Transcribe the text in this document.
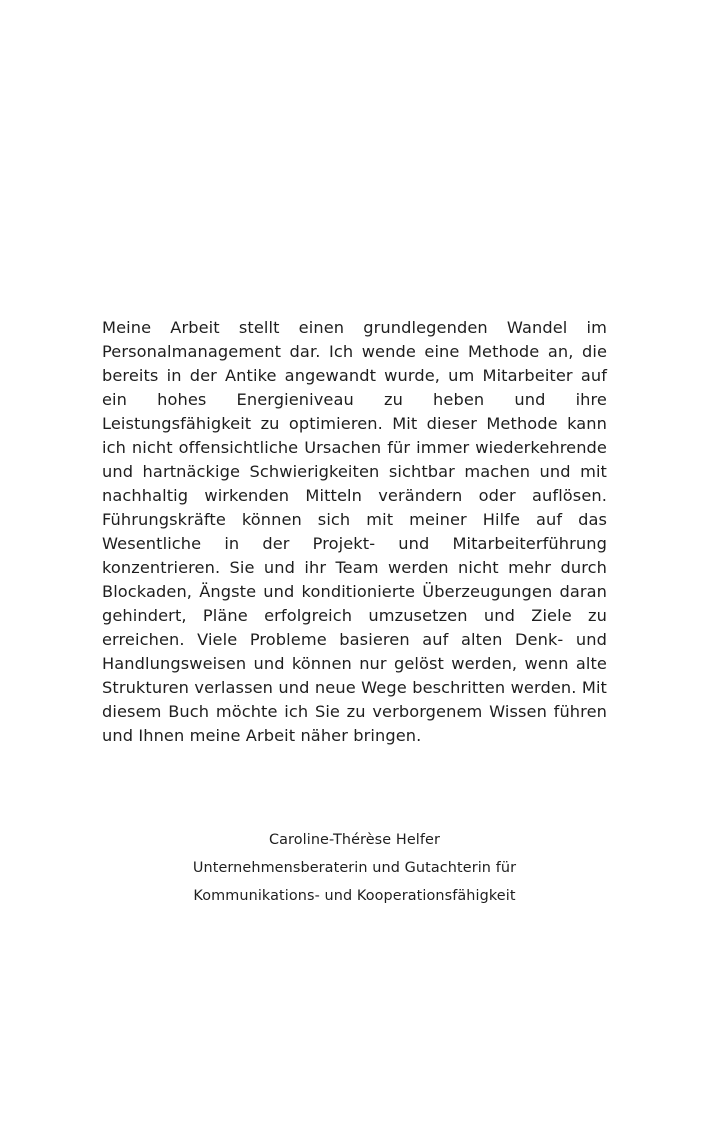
Meine Arbeit stellt einen grundlegenden Wandel im Personalmanagement dar. Ich wende eine Methode an, die bereits in der Antike angewandt wurde, um Mitarbeiter auf ein hohes Energieniveau zu heben und ihre Leistungsfähigkeit zu optimieren. Mit dieser Methode kann ich nicht offensichtliche Ursachen für immer wiederkehrende und hartnäckige Schwierigkeiten sichtbar machen und mit nachhaltig wirkenden Mitteln verändern oder auflösen. Führungskräfte können sich mit meiner Hilfe auf das Wesentliche in der Projekt- und Mitarbeiterführung konzentrieren. Sie und ihr Team werden nicht mehr durch Blockaden, Ängste und konditionierte Überzeugungen daran gehindert, Pläne erfolgreich umzusetzen und Ziele zu erreichen. Viele Probleme basieren auf alten Denk- und Handlungsweisen und können nur gelöst werden, wenn alte Strukturen verlassen und neue Wege beschritten werden. Mit diesem Buch möchte ich Sie zu verborgenem Wissen führen und Ihnen meine Arbeit näher bringen.

Caroline-Thérèse Helfer
Unternehmensberaterin und Gutachterin für
Kommunikations- und Kooperationsfähigkeit
